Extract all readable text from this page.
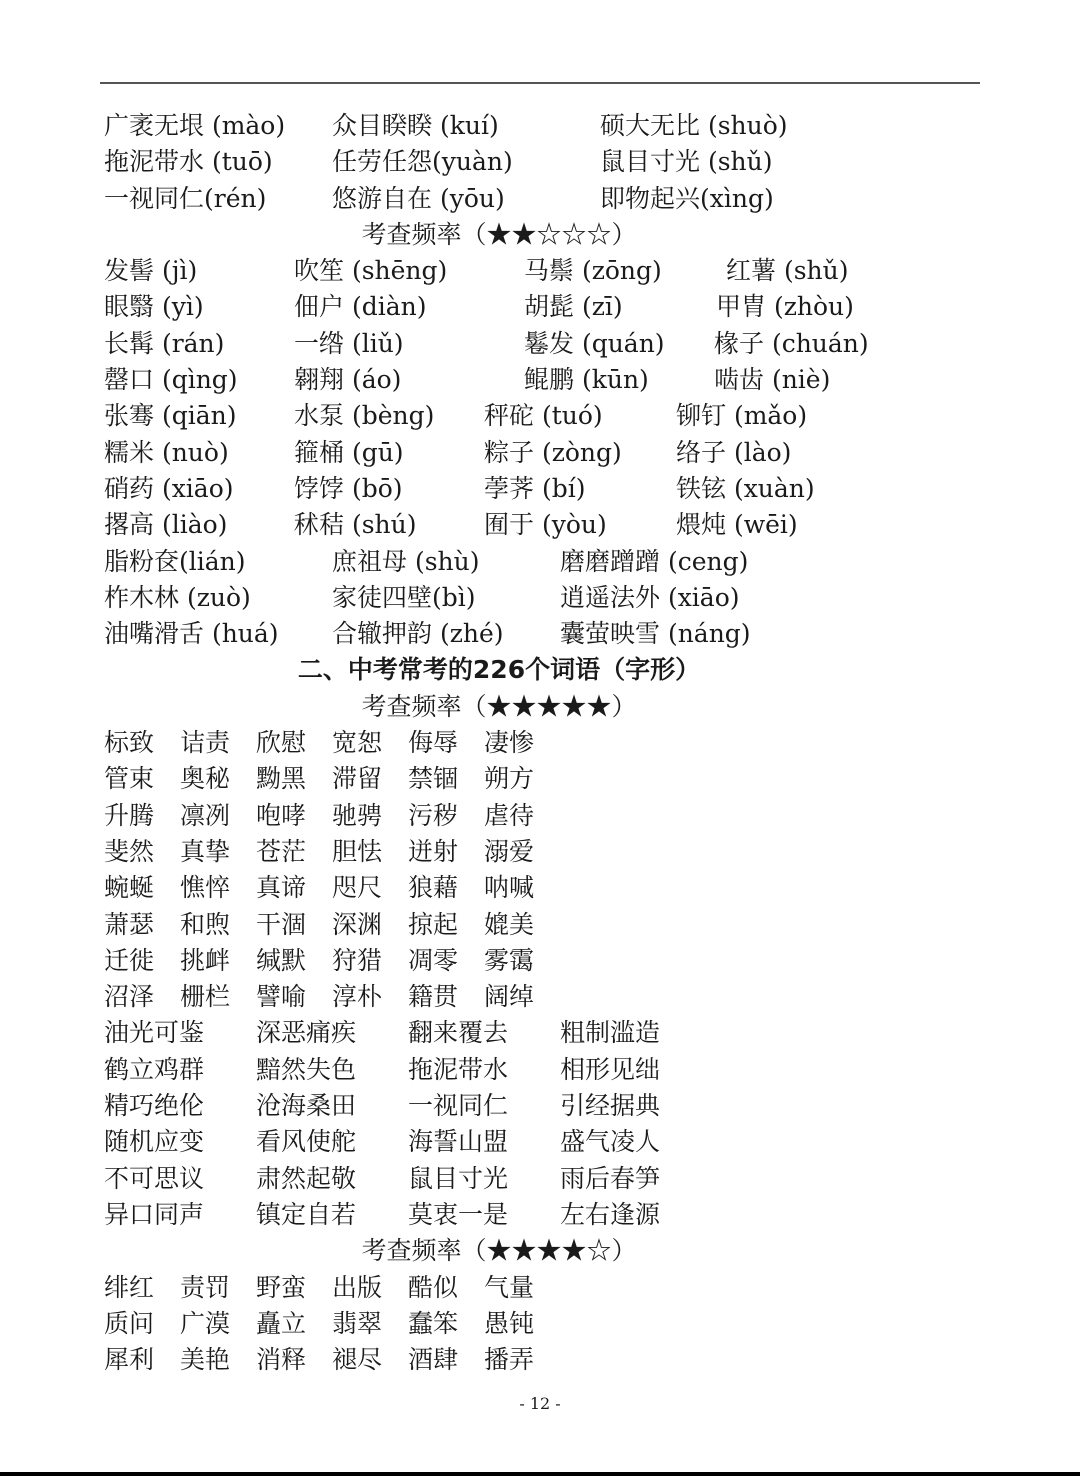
广袤无垠 (mào) 众目睽睽 (kuí)	硕大无比 (shuò)
拖泥带水 (tuō) 任劳任怨(yuàn)	鼠目寸光 (shǔ)
一视同仁(rén)	悠游自在 (yōu)	即物起兴(xìng)
考查频率（★★☆☆☆）
发髻 (jì)	吹笙 (shēng)	马鬃 (zōng)	红薯 (shǔ)
眼翳 (yì)	佃户 (diàn)	胡髭 (zī)	甲胄 (zhòu)
长髯 (rán)	一绺 (liǔ)	鬈发 (quán) 椽子 (chuán)
罄口 (qìng) 翱翔 (áo)	鲲鹏 (kūn)	啮齿 (niè)
张骞 (qiān) 水泵 (bèng) 秤砣 (tuó)	铆钉 (mǎo)
糯米 (nuò)	箍桶 (gū)	粽子 (zòng) 络子 (lào)
硝药 (xiāo) 饽饽 (bō)	荸荠 (bí)	铁铉 (xuàn)
撂高 (liào)	秫秸 (shú)	囿于 (yòu)	煨炖 (wēi)
脂粉奁(lián)	庶祖母 (shù)	磨磨蹭蹭 (ceng)
柞木林 (zuò)	家徒四壁(bì)	逍遥法外 (xiāo)
油嘴滑舌 (huá) 合辙押韵 (zhé) 囊萤映雪 (náng)
二、中考常考的226个词语（字形）
考查频率（★★★★★）
标致 诘责 欣慰 宽恕 侮辱 凄惨
管束 奥秘 黝黑 滞留 禁锢 朔方
升腾 凛冽 咆哮 驰骋 污秽 虐待
斐然 真挚 苍茫 胆怯 迸射 溺爱
蜿蜒 憔悴 真谛 咫尺 狼藉 呐喊
萧瑟 和煦 干涸 深渊 掠起 媲美
迁徙 挑衅 缄默 狩猎 凋零 雾霭
沼泽 栅栏 譬喻 淳朴 籍贯 阔绰
油光可鉴 深恶痛疾 翻来覆去 粗制滥造
鹤立鸡群 黯然失色 拖泥带水 相形见绌
精巧绝伦 沧海桑田 一视同仁 引经据典
随机应变 看风使舵 海誓山盟 盛气凌人
不可思议 肃然起敬 鼠目寸光 雨后春笋
异口同声 镇定自若 莫衷一是 左右逢源
考查频率（★★★★☆）
绯红 责罚 野蛮 出版 酷似 气量
质问 广漠 矗立 翡翠 蠢笨 愚钝
犀利 美艳 消释 褪尽 酒肆 播弄
- 12 -
